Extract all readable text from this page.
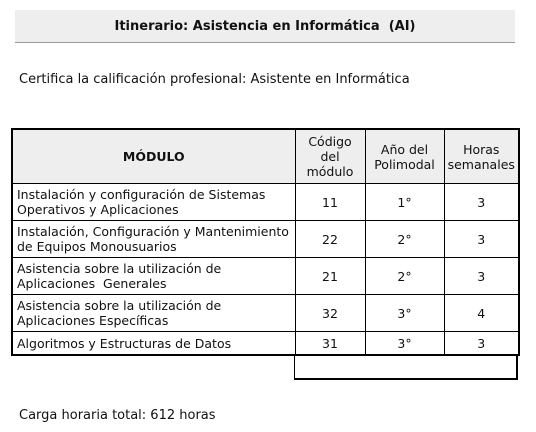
Itinerario: Asistencia en Informática  (AI)
Certifica la calificación profesional: Asistente en Informática
MÓDULO	Código del módulo	Año del Polimodal	Horas semanales
Instalación y configuración de Sistemas Operativos y Aplicaciones	11	1°	3
Instalación, Configuración y Mantenimiento de Equipos Monousuarios	22	2°	3
Asistencia sobre la utilización de Aplicaciones  Generales	21	2°	3
Asistencia sobre la utilización de Aplicaciones Específicas	32	3°	4
Algoritmos y Estructuras de Datos	31	3°	3
Carga horaria total: 612 horas
